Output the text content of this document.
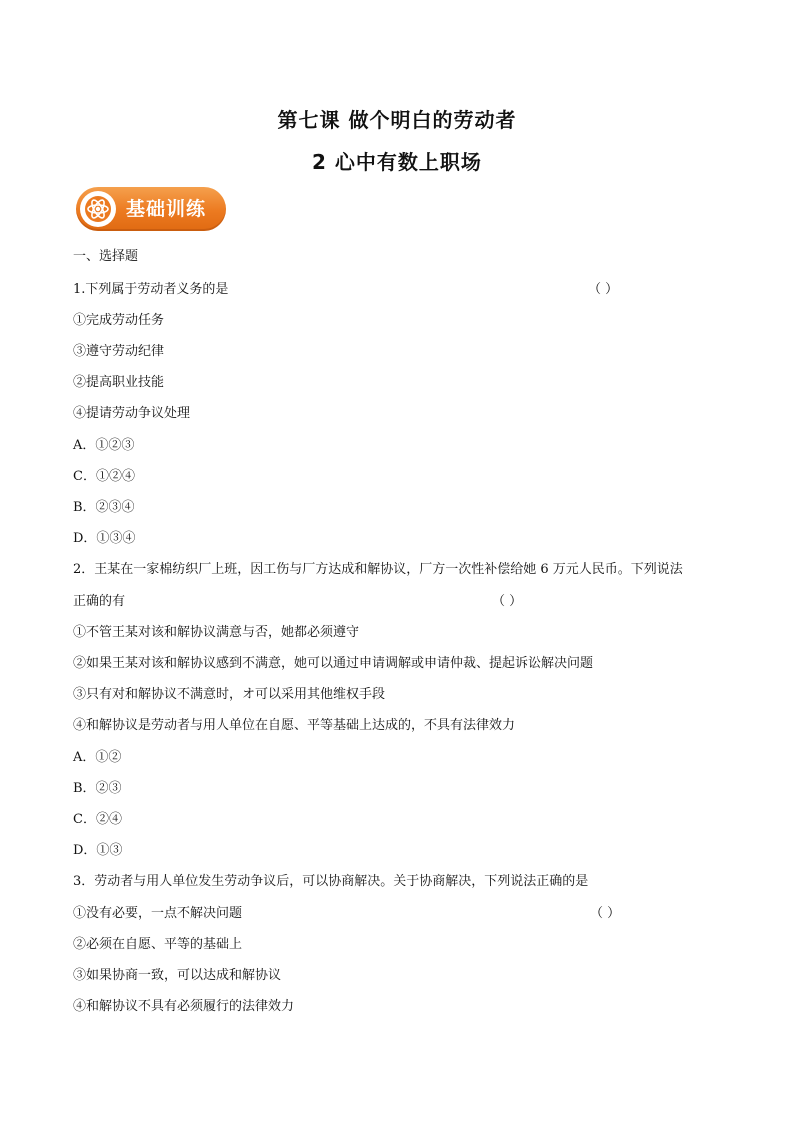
第七课 做个明白的劳动者
2 心中有数上职场
基础训练
一、选择题
1.下列属于劳动者义务的是	（ ）
①完成劳动任务
③遵守劳动纪律
②提高职业技能
④提请劳动争议处理
A．①②③
C．①②④
B．②③④
D．①③④
2．王某在一家棉纺织厂上班，因工伤与厂方达成和解协议，厂方一次性补偿给她 6 万元人民币。下列说法
正确的有	（ ）
①不管王某对该和解协议满意与否，她都必须遵守
②如果王某对该和解协议感到不满意，她可以通过申请调解或申请仲裁、提起诉讼解决问题
③只有对和解协议不满意时，オ可以采用其他维权手段
④和解协议是劳动者与用人单位在自愿、平等基础上达成的，不具有法律效力
A．①②
B．②③
C．②④
D．①③
3．劳动者与用人单位发生劳动争议后，可以协商解决。关于协商解决，下列说法正确的是
①没有必要，一点不解决问题	（ ）
②必须在自愿、平等的基础上
③如果协商一致，可以达成和解协议
④和解协议不具有必须履行的法律效力
